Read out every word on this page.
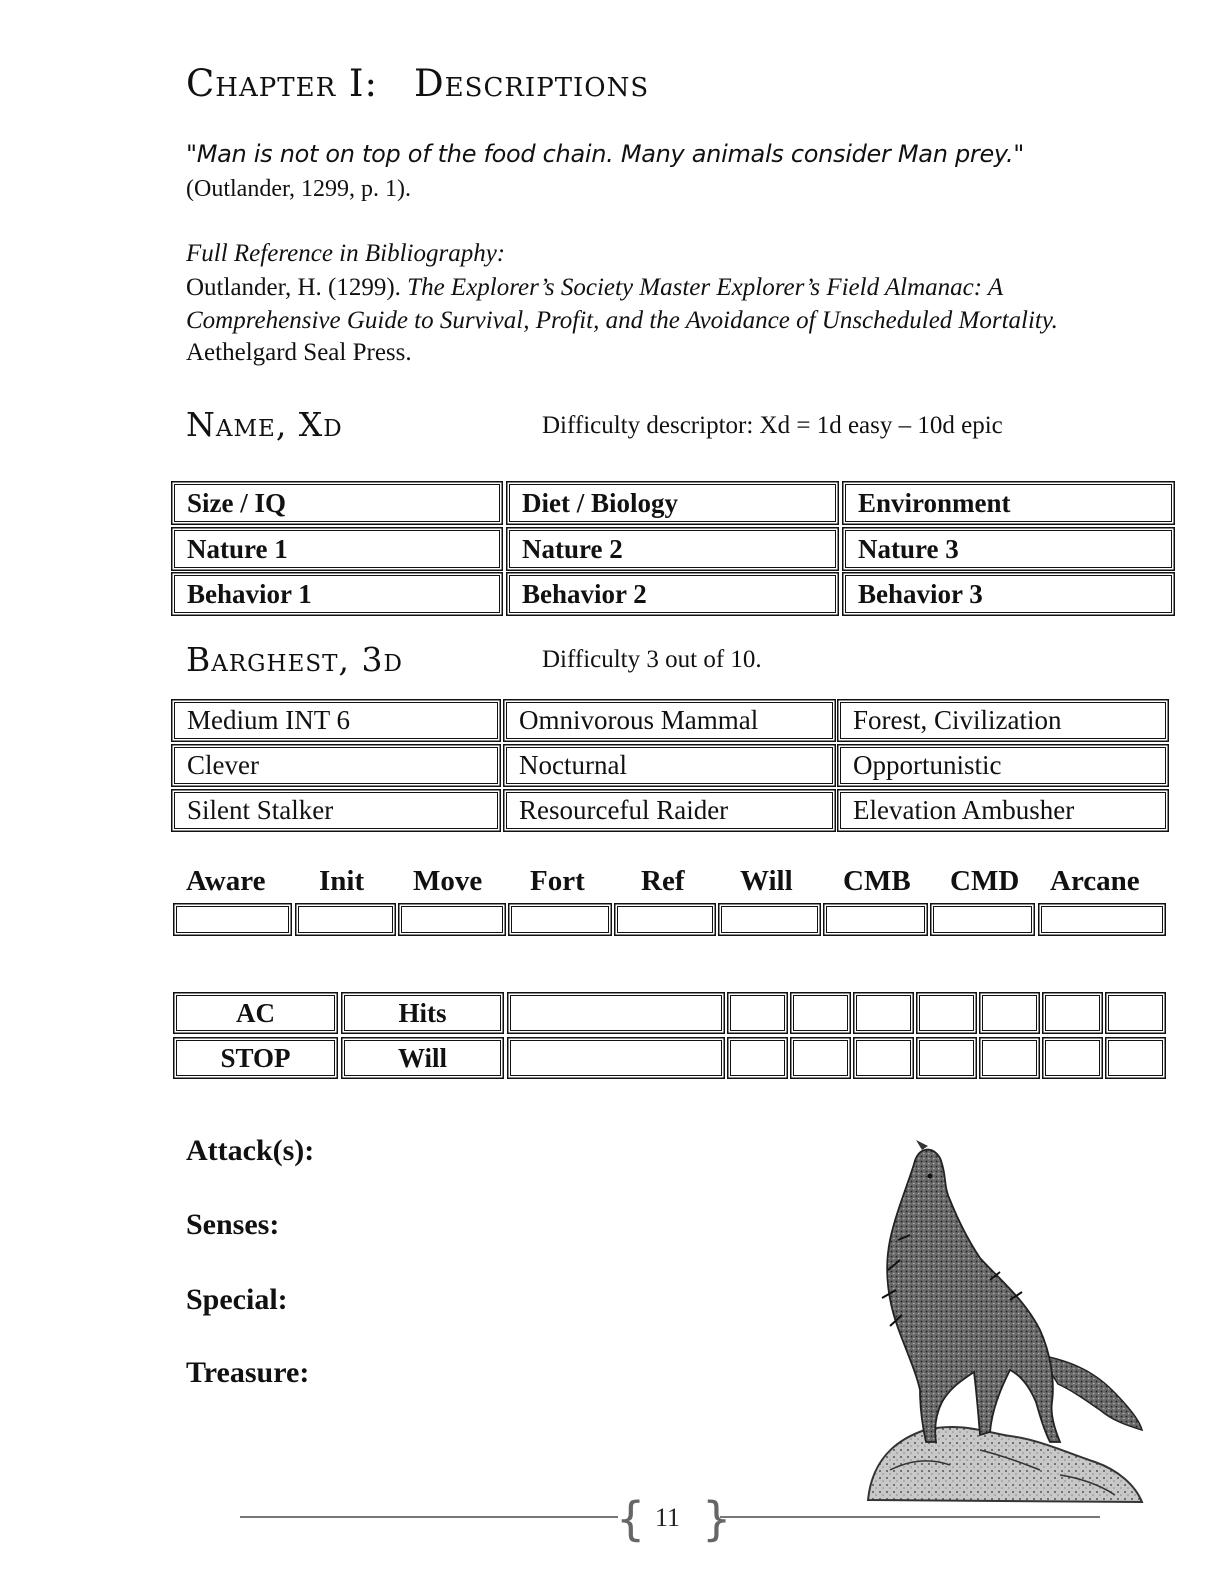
Chapter I: Descriptions
"Man is not on top of the food chain. Many animals consider Man prey."
(Outlander, 1299, p. 1).
Full Reference in Bibliography:
Outlander, H. (1299). The Explorer’s Society Master Explorer’s Field Almanac: A Comprehensive Guide to Survival, Profit, and the Avoidance of Unscheduled Mortality. Aethelgard Seal Press.
Name, Xd	Difficulty descriptor: Xd = 1d easy – 10d epic
Size / IQ	Diet / Biology	Environment
Nature 1	Nature 2	Nature 3
Behavior 1	Behavior 2	Behavior 3
Barghest, 3d	Difficulty 3 out of 10.
Medium INT 6	Omnivorous Mammal	Forest, Civilization
Clever	Nocturnal	Opportunistic
Silent Stalker	Resourceful Raider	Elevation Ambusher
Aware Init Move Fort Ref Will CMB CMD Arcane
AC	Hits
STOP	Will
Attack(s):
Senses:
Special:
Treasure:
{ }
11
